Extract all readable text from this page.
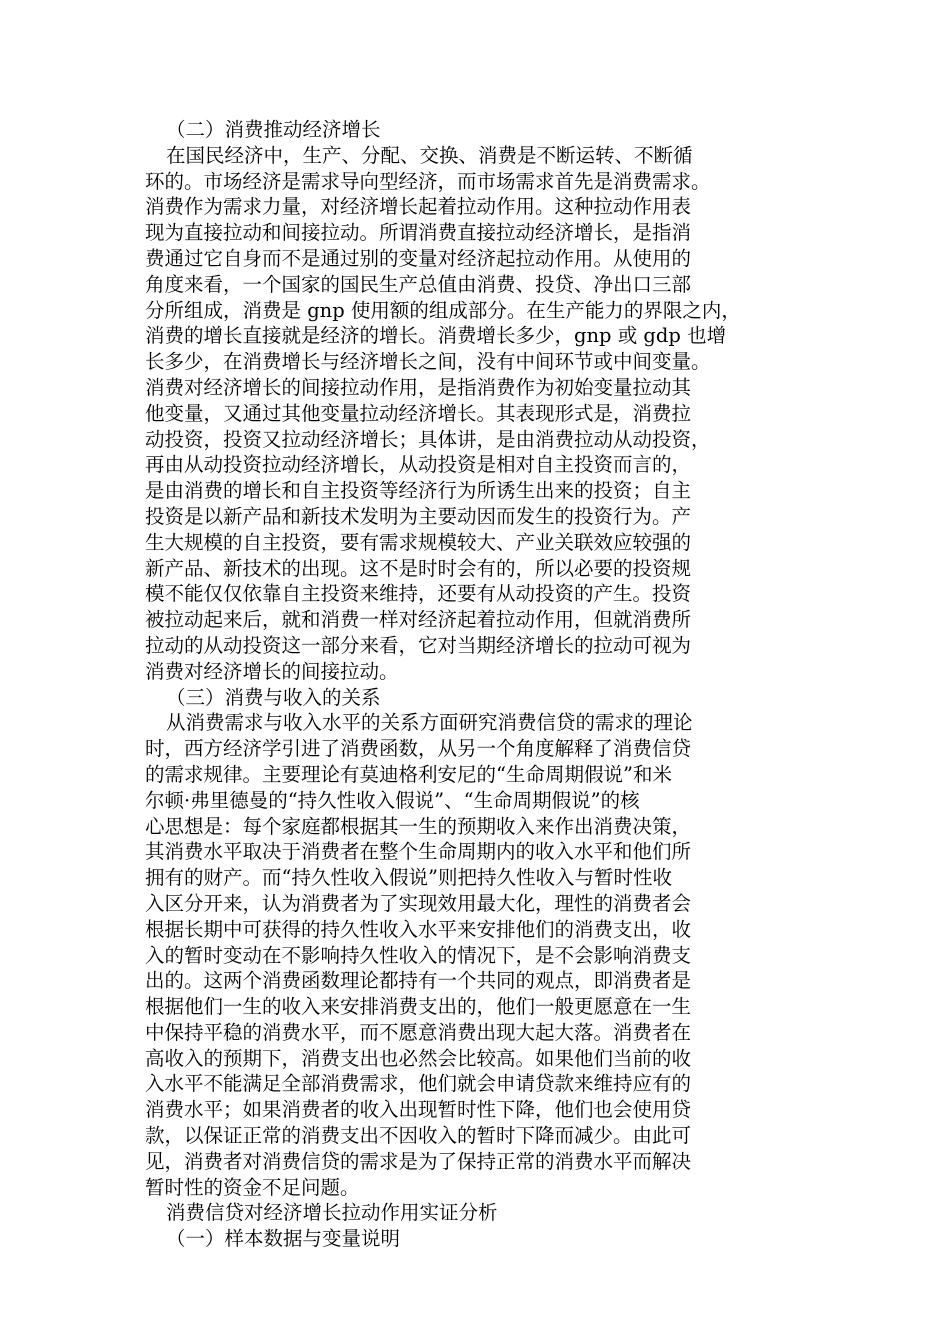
（二）消费推动经济增长
在国民经济中，生产、分配、交换、消费是不断运转、不断循
环的。市场经济是需求导向型经济，而市场需求首先是消费需求。
消费作为需求力量，对经济增长起着拉动作用。这种拉动作用表
现为直接拉动和间接拉动。所谓消费直接拉动经济增长，是指消
费通过它自身而不是通过别的变量对经济起拉动作用。从使用的
角度来看，一个国家的国民生产总值由消费、投贷、净出口三部
分所组成，消费是 gnp 使用额的组成部分。在生产能力的界限之内，
消费的增长直接就是经济的增长。消费增长多少，gnp 或 gdp 也增
长多少，在消费增长与经济增长之间，没有中间环节或中间变量。
消费对经济增长的间接拉动作用，是指消费作为初始变量拉动其
他变量，又通过其他变量拉动经济增长。其表现形式是，消费拉
动投资，投资又拉动经济增长；具体讲，是由消费拉动从动投资，
再由从动投资拉动经济增长，从动投资是相对自主投资而言的，
是由消费的增长和自主投资等经济行为所诱生出来的投资；自主
投资是以新产品和新技术发明为主要动因而发生的投资行为。产
生大规模的自主投资，要有需求规模较大、产业关联效应较强的
新产品、新技术的出现。这不是时时会有的，所以必要的投资规
模不能仅仅依靠自主投资来维持，还要有从动投资的产生。投资
被拉动起来后，就和消费一样对经济起着拉动作用，但就消费所
拉动的从动投资这一部分来看，它对当期经济增长的拉动可视为
消费对经济增长的间接拉动。
（三）消费与收入的关系
从消费需求与收入水平的关系方面研究消费信贷的需求的理论
时，西方经济学引进了消费函数，从另一个角度解释了消费信贷
的需求规律。主要理论有莫迪格利安尼的“生命周期假说”和米
尔顿·弗里德曼的“持久性收入假说”、“生命周期假说”的核
心思想是：每个家庭都根据其一生的预期收入来作出消费决策，
其消费水平取决于消费者在整个生命周期内的收入水平和他们所
拥有的财产。而“持久性收入假说”则把持久性收入与暂时性收
入区分开来，认为消费者为了实现效用最大化，理性的消费者会
根据长期中可获得的持久性收入水平来安排他们的消费支出，收
入的暂时变动在不影响持久性收入的情况下，是不会影响消费支
出的。这两个消费函数理论都持有一个共同的观点，即消费者是
根据他们一生的收入来安排消费支出的，他们一般更愿意在一生
中保持平稳的消费水平，而不愿意消费出现大起大落。消费者在
高收入的预期下，消费支出也必然会比较高。如果他们当前的收
入水平不能满足全部消费需求，他们就会申请贷款来维持应有的
消费水平；如果消费者的收入出现暂时性下降，他们也会使用贷
款，以保证正常的消费支出不因收入的暂时下降而减少。由此可
见，消费者对消费信贷的需求是为了保持正常的消费水平而解决
暂时性的资金不足问题。
消费信贷对经济增长拉动作用实证分析
（一）样本数据与变量说明
